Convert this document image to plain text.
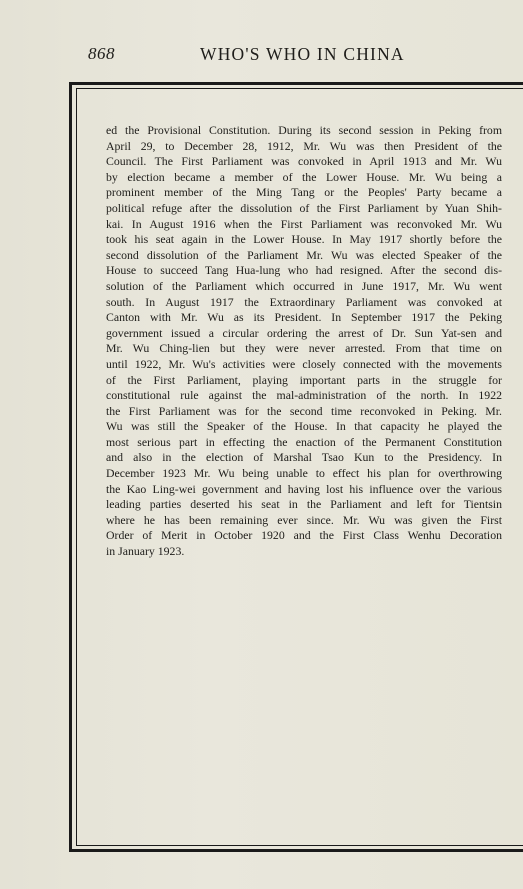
868	WHO'S WHO IN CHINA
ed the Provisional Constitution. During its second session in Peking from
April 29, to December 28, 1912, Mr. Wu was then President of the
Council. The First Parliament was convoked in April 1913 and Mr. Wu
by election became a member of the Lower House. Mr. Wu being a
prominent member of the Ming Tang or the Peoples' Party became a
political refuge after the dissolution of the First Parliament by Yuan Shih-
kai. In August 1916 when the First Parliament was reconvoked Mr. Wu
took his seat again in the Lower House. In May 1917 shortly before the
second dissolution of the Parliament Mr. Wu was elected Speaker of the
House to succeed Tang Hua-lung who had resigned. After the second dis-
solution of the Parliament which occurred in June 1917, Mr. Wu went
south. In August 1917 the Extraordinary Parliament was convoked at
Canton with Mr. Wu as its President. In September 1917 the Peking
government issued a circular ordering the arrest of Dr. Sun Yat-sen and
Mr. Wu Ching-lien but they were never arrested. From that time on
until 1922, Mr. Wu's activities were closely connected with the movements
of the First Parliament, playing important parts in the struggle for
constitutional rule against the mal-administration of the north. In 1922
the First Parliament was for the second time reconvoked in Peking. Mr.
Wu was still the Speaker of the House. In that capacity he played the
most serious part in effecting the enaction of the Permanent Constitution
and also in the election of Marshal Tsao Kun to the Presidency. In
December 1923 Mr. Wu being unable to effect his plan for overthrowing
the Kao Ling-wei government and having lost his influence over the various
leading parties deserted his seat in the Parliament and left for Tientsin
where he has been remaining ever since. Mr. Wu was given the First
Order of Merit in October 1920 and the First Class Wenhu Decoration
in January 1923.
